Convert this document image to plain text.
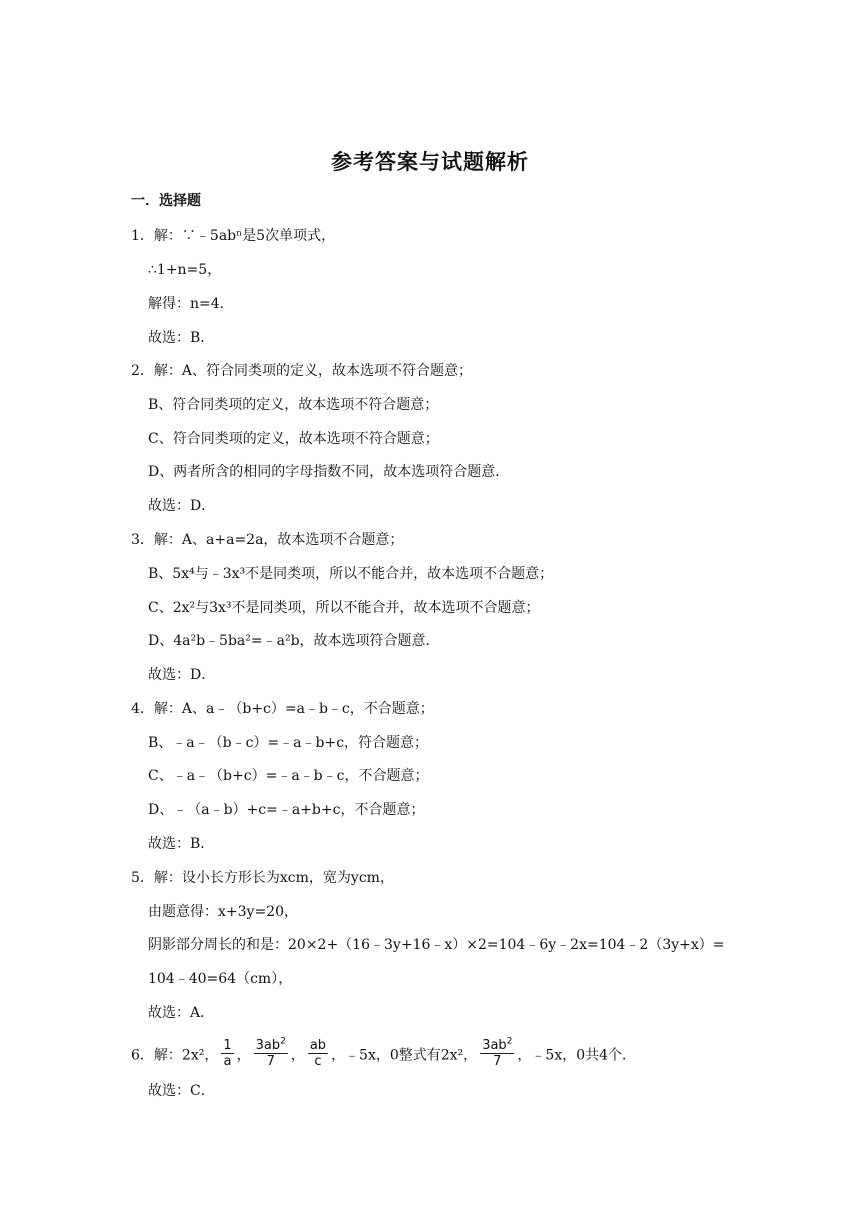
参考答案与试题解析
一．选择题
1．解：∵﹣5abⁿ是5次单项式，
∴1+n=5，
解得：n=4．
故选：B．
2．解：A、符合同类项的定义，故本选项不符合题意；
B、符合同类项的定义，故本选项不符合题意；
C、符合同类项的定义，故本选项不符合题意；
D、两者所含的相同的字母指数不同，故本选项符合题意．
故选：D．
3．解：A、a+a=2a，故本选项不合题意；
B、5x⁴与﹣3x³不是同类项，所以不能合并，故本选项不合题意；
C、2x²与3x³不是同类项，所以不能合并，故本选项不合题意；
D、4a²b﹣5ba²=﹣a²b，故本选项符合题意．
故选：D．
4．解：A、a﹣（b+c）=a﹣b﹣c，不合题意；
B、﹣a﹣（b﹣c）=﹣a﹣b+c，符合题意；
C、﹣a﹣（b+c）=﹣a﹣b﹣c，不合题意；
D、﹣（a﹣b）+c=﹣a+b+c，不合题意；
故选：B．
5．解：设小长方形长为xcm，宽为ycm，
由题意得：x+3y=20，
阴影部分周长的和是：20×2+（16﹣3y+16﹣x）×2=104﹣6y﹣2x=104﹣2（3y+x）=
104﹣40=64（cm），
故选：A．
6．解：2x²， $\frac{1}{a}$ ， $\frac{3ab^2}{7}$ ， $\frac{ab}{c}$ ，﹣5x，0整式有2x²， $\frac{3ab^2}{7}$ ，﹣5x，0共4个．
故选：C．
